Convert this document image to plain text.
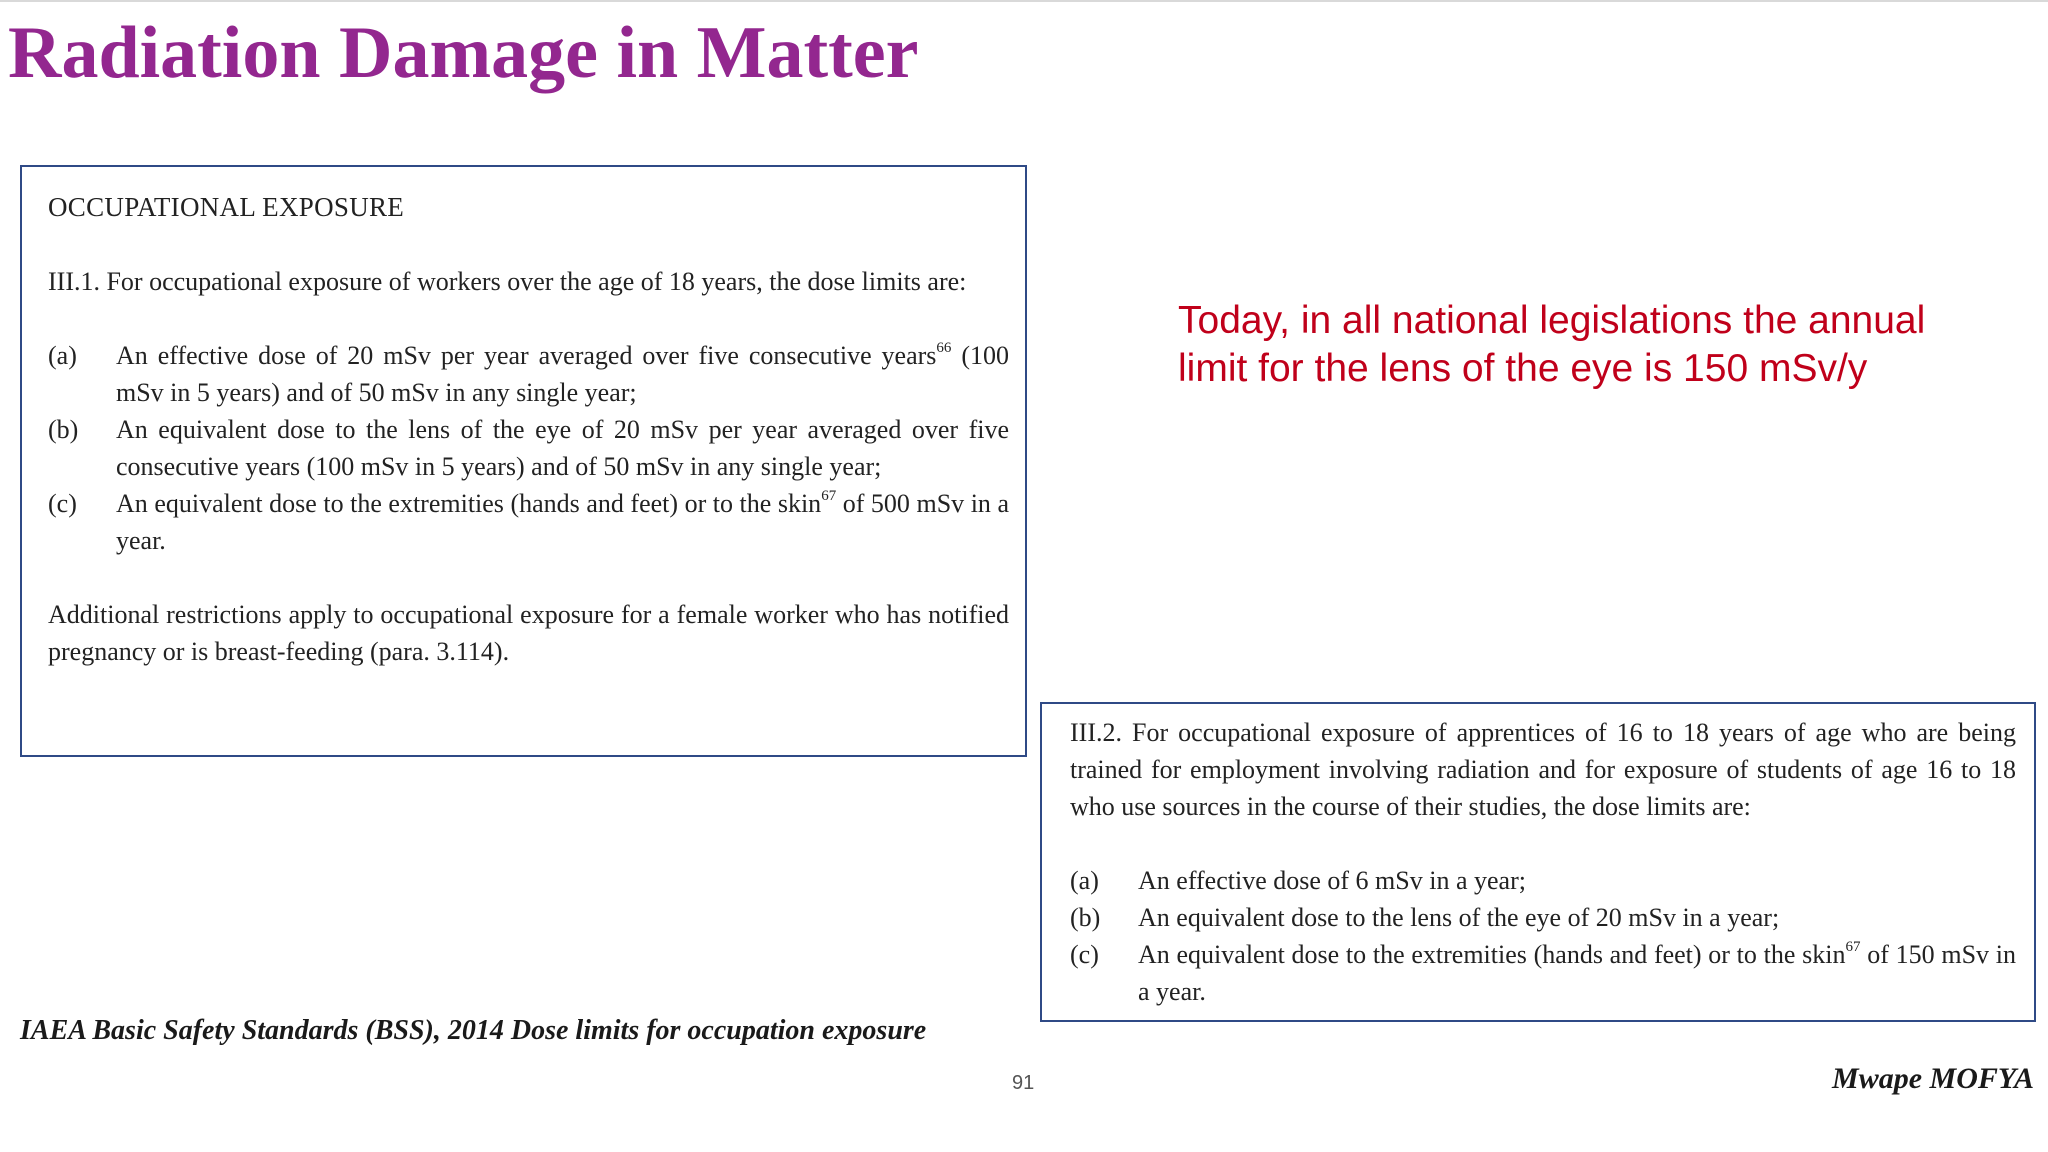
Radiation Damage in Matter
OCCUPATIONAL EXPOSURE
III.1. For occupational exposure of workers over the age of 18 years, the dose limits are:
(a)	An effective dose of 20 mSv per year averaged over five consecutive years$^{66}$ (100 mSv in 5 years) and of 50 mSv in any single year;
(b)	An equivalent dose to the lens of the eye of 20 mSv per year averaged over five consecutive years (100 mSv in 5 years) and of 50 mSv in any single year;
(c)	An equivalent dose to the extremities (hands and feet) or to the skin$^{67}$ of 500 mSv in a year.
Additional restrictions apply to occupational exposure for a female worker who has notified pregnancy or is breast-feeding (para. 3.114).
Today, in all national legislations the annual limit for the lens of the eye is 150 mSv/y
III.2. For occupational exposure of apprentices of 16 to 18 years of age who are being trained for employment involving radiation and for exposure of students of age 16 to 18 who use sources in the course of their studies, the dose limits are:
(a)	An effective dose of 6 mSv in a year;
(b)	An equivalent dose to the lens of the eye of 20 mSv in a year;
(c)	An equivalent dose to the extremities (hands and feet) or to the skin$^{67}$ of 150 mSv in a year.
IAEA Basic Safety Standards (BSS), 2014 Dose limits for occupation exposure
91	Mwape MOFYA
